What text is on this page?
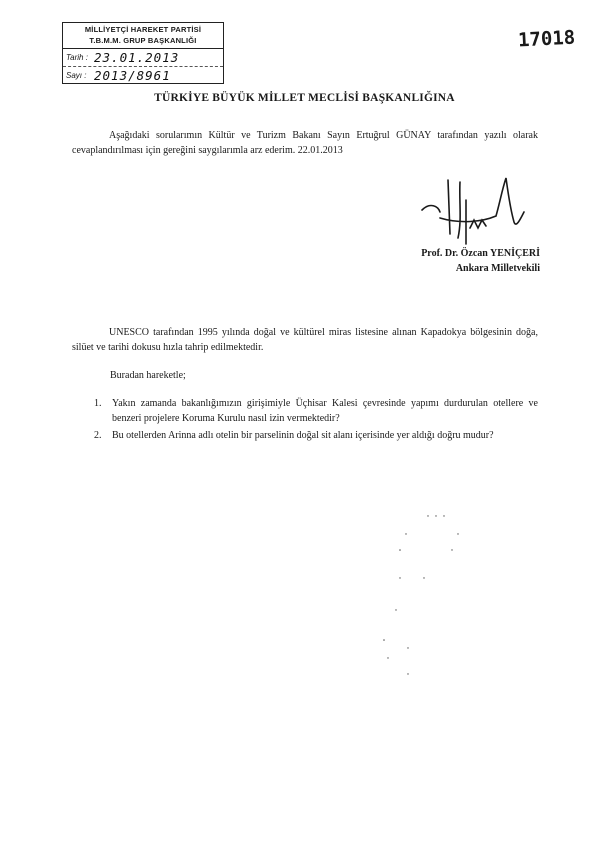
MİLLİYETÇİ HAREKET PARTİSİ
T.B.M.M. GRUP BAŞKANLIĞI
Tarih : 23.01.2013
Sayı : 2013/8961
17018
TÜRKİYE BÜYÜK MİLLET MECLİSİ BAŞKANLIĞINA
Aşağıdaki sorularımın Kültür ve Turizm Bakanı Sayın Ertuğrul GÜNAY tarafından yazılı olarak cevaplandırılması için gereğini saygılarımla arz ederim. 22.01.2013
Prof. Dr. Özcan YENİÇERİ
Ankara Milletvekili
UNESCO tarafından 1995 yılında doğal ve kültürel miras listesine alınan Kapadokya bölgesinin doğa, silüet ve tarihi dokusu hızla tahrip edilmektedir.
Buradan hareketle;
1.	Yakın zamanda bakanlığımızın girişimiyle Üçhisar Kalesi çevresinde yapımı durdurulan otellere ve benzeri projelere Koruma Kurulu nasıl izin vermektedir?
2.	Bu otellerden Arinna adlı otelin bir parselinin doğal sit alanı içerisinde yer aldığı doğru mudur?
